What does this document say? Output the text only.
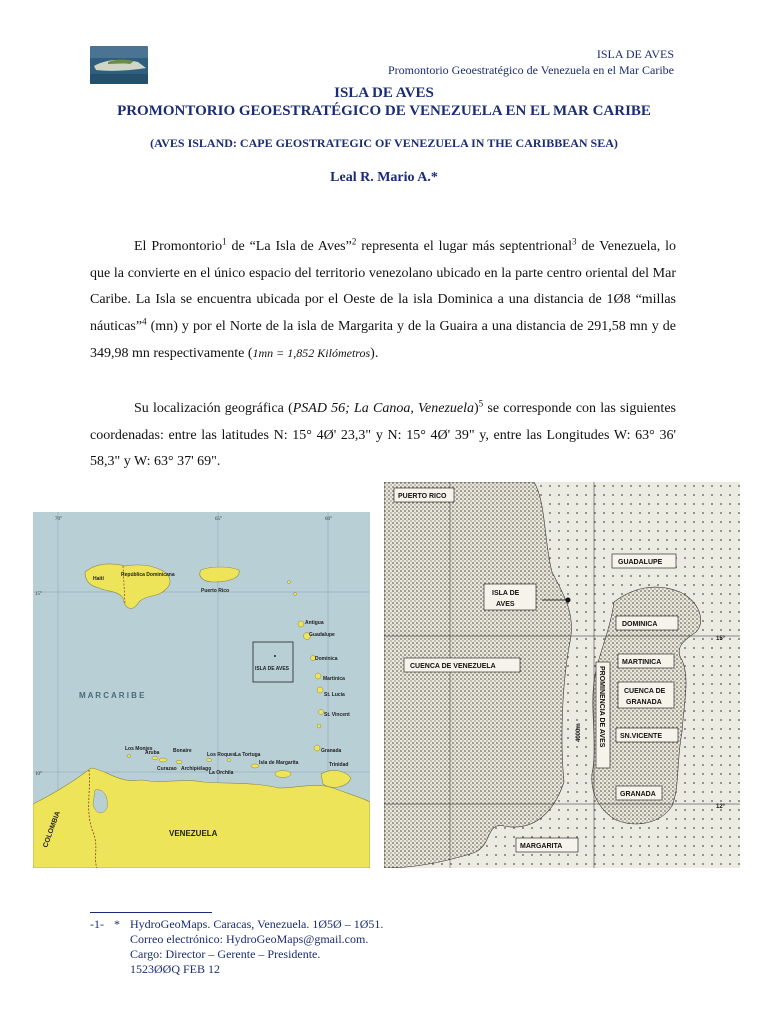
ISLA DE AVES
Promontorio Geoestratégico de Venezuela en el Mar Caribe
ISLA DE AVES
PROMONTORIO GEOESTRATÉGICO DE VENEZUELA EN EL MAR CARIBE
(AVES ISLAND: CAPE GEOSTRATEGIC OF VENEZUELA IN THE CARIBBEAN SEA)
Leal R. Mario A.*
El Promontorio$^1$ de “La Isla de Aves”$^2$ representa el lugar más septentrional$^3$ de Venezuela, lo que la convierte en el único espacio del territorio venezolano ubicado en la parte centro oriental del Mar Caribe. La Isla se encuentra ubicada por el Oeste de la isla Dominica a una distancia de 1Ø8 “millas náuticas”$^4$ (mn) y por el Norte de la isla de Margarita y de la Guaira a una distancia de 291,58 mn y de 349,98 mn respectivamente (1mn = 1,852 Kilómetros).
Su localización geográfica (PSAD 56; La Canoa, Venezuela)$^5$ se corresponde con las siguientes coordenadas: entre las latitudes N: 15° 4Ø' 23,3" y N: 15° 4Ø' 39" y, entre las Longitudes W: 63° 36' 58,3" y W: 63° 37' 69".
70°	65°	60°
15°
10°
Haití
República Dominicana
Puerto Rico
Antigua
Guadalupe
Dominica
Martinica
St. Lucia
St. Vincent
Granada
ISLA DE AVES
M A R C A R I B E
Aruba
Curazao
Bonaire
Los Monjes
Archipiélago
Los Roques
La Orchila
La Tortuga
Isla de Margarita	Trinidad
COLOMBIA	VENEZUELA
PUERTO RICO
GUADALUPE
ISLA DE
AVES
DOMINICA
CUENCA DE VENEZUELA
MARTINICA
CUENCA DE
GRANADA
SN.VICENTE
GRANADA
MARGARITA
PROMINENCIA DE AVES
4000m
15°
12°
-1- * HydroGeoMaps. Caracas, Venezuela. 1Ø5Ø – 1Ø51.
Correo electrónico: HydroGeoMaps@gmail.com.
Cargo: Director – Gerente – Presidente.
1523ØØQ FEB 12
